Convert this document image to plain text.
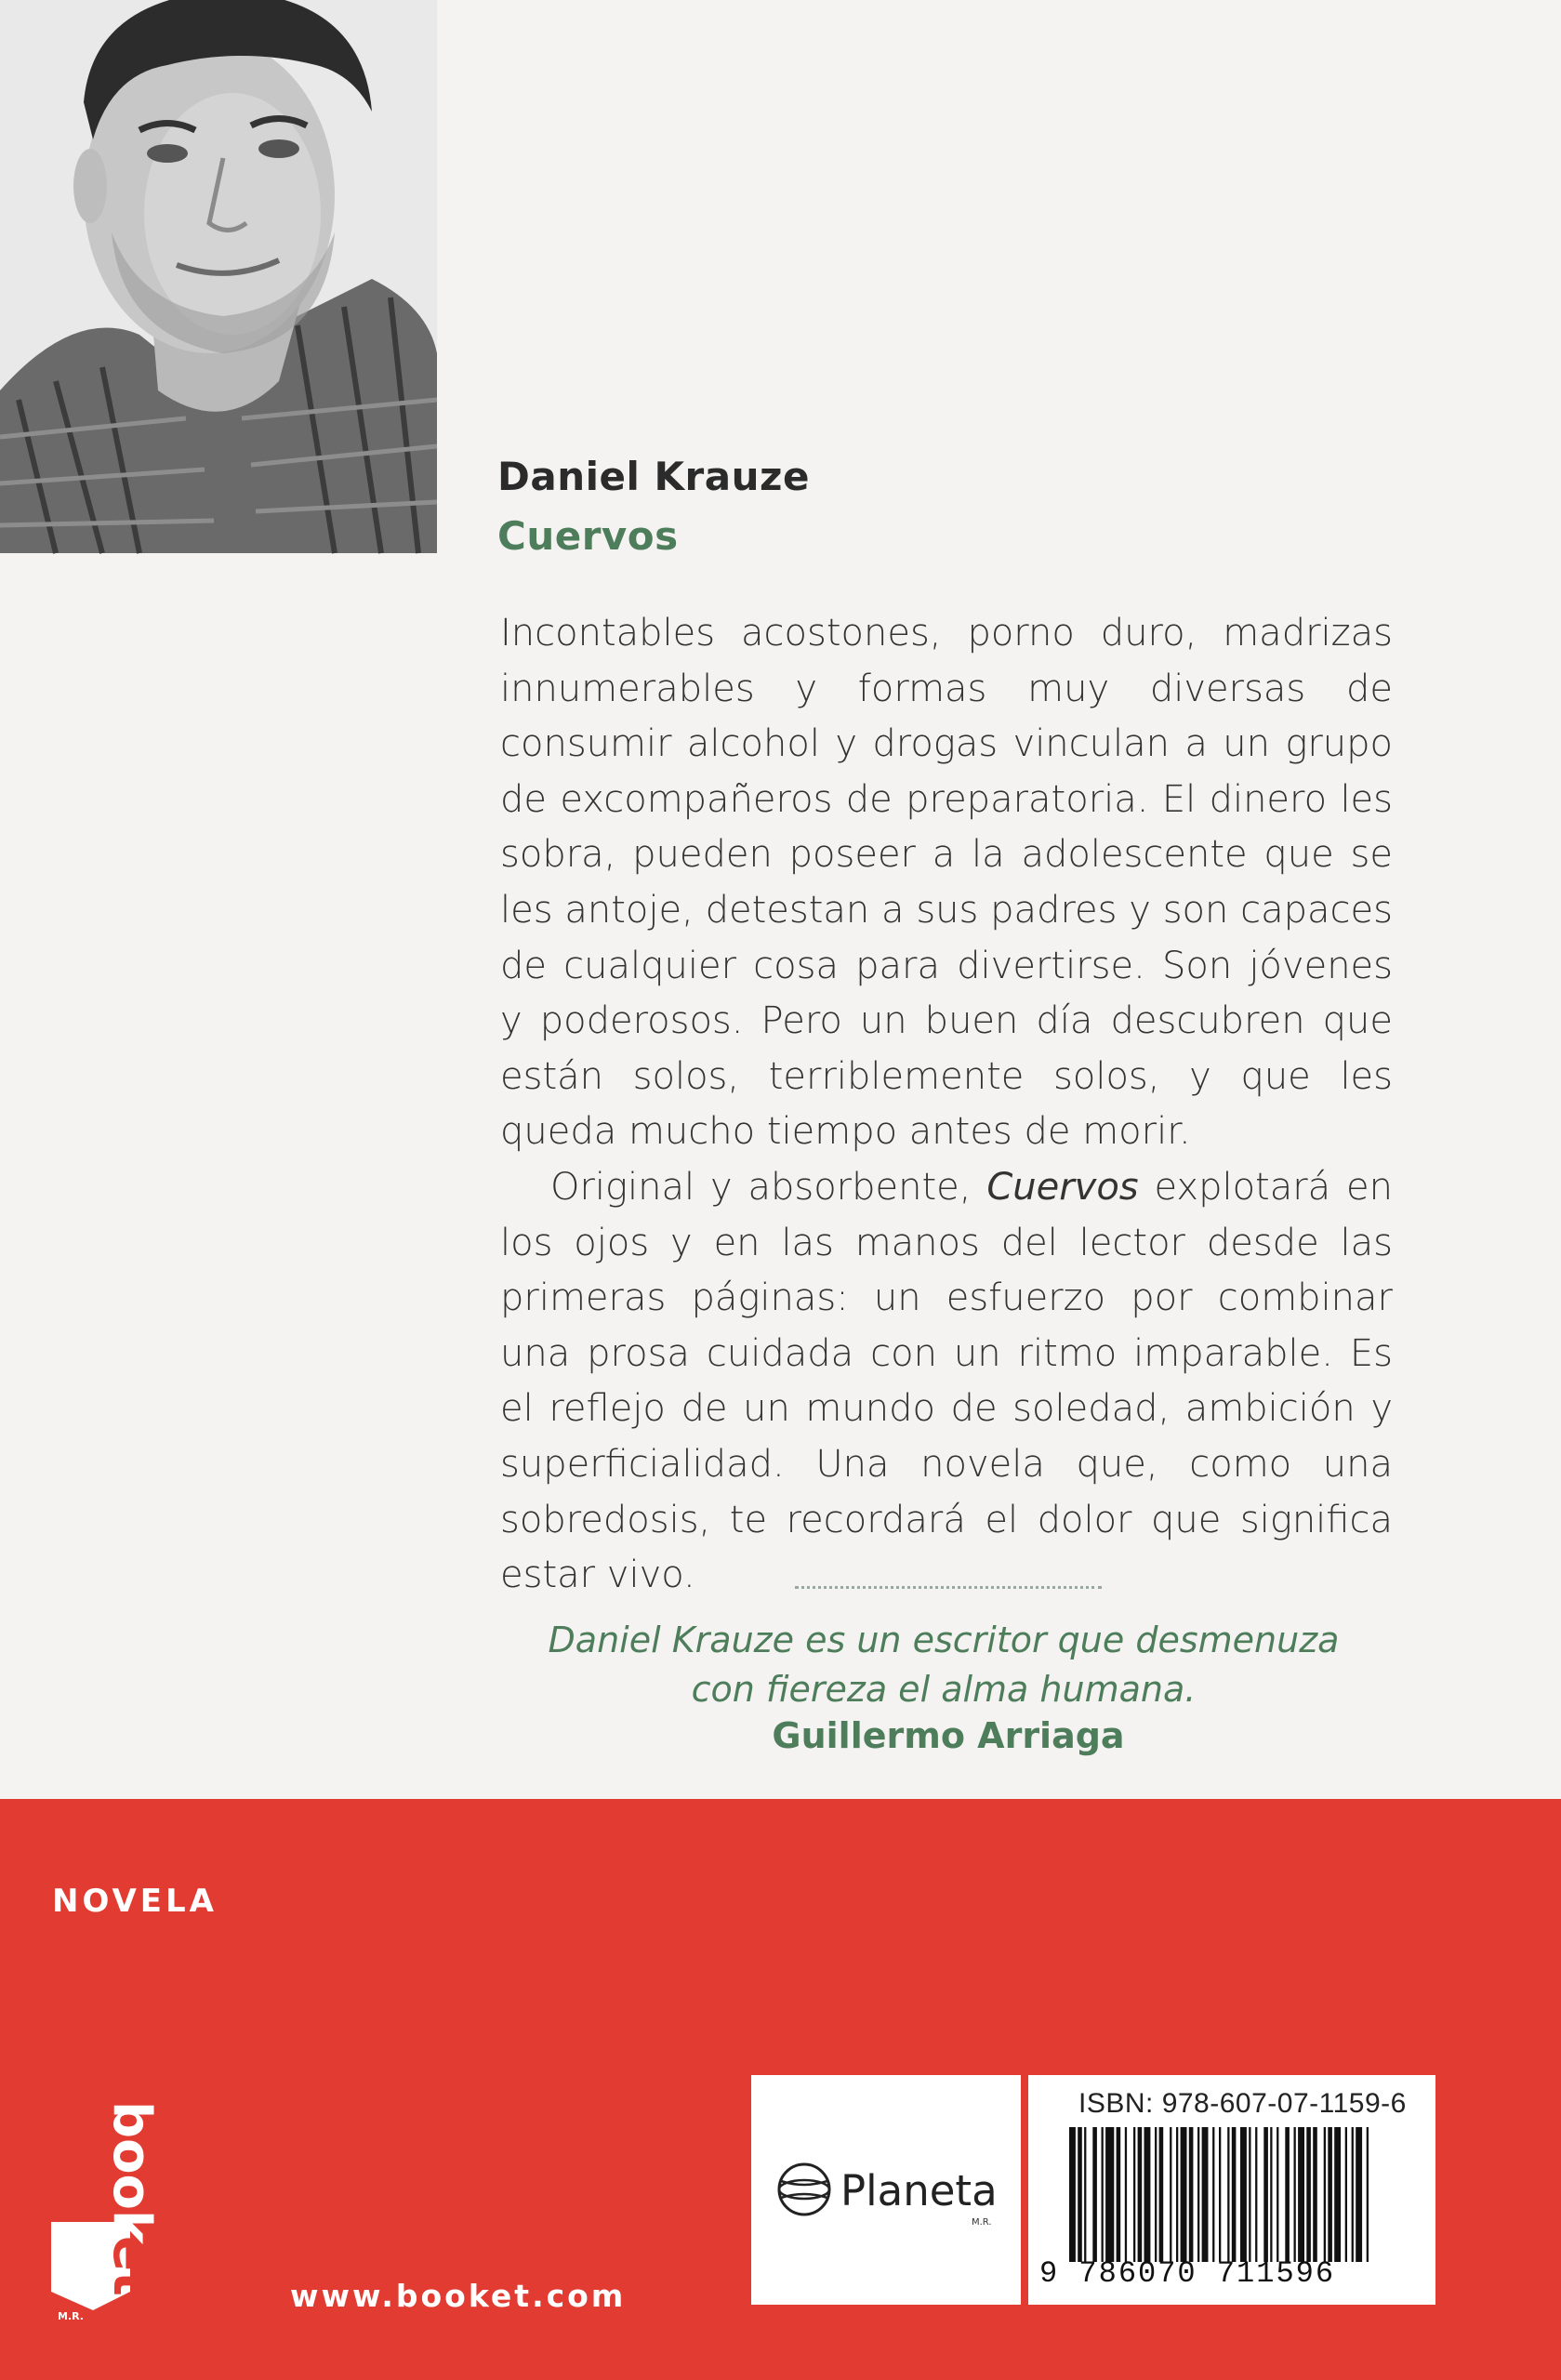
Daniel Krauze
Cuervos

Incontables acostones, porno duro, madrizas innumerables y formas muy diversas de consumir alcohol y drogas vinculan a un grupo de excompañeros de preparatoria. El dinero les sobra, pueden poseer a la adolescente que se les antoje, detestan a sus padres y son capaces de cualquier cosa para divertirse. Son jóvenes y poderosos. Pero un buen día descubren que están solos, terriblemente solos, y que les queda mucho tiempo antes de morir.

Original y absorbente, Cuervos explotará en los ojos y en las manos del lector desde las primeras páginas: un esfuerzo por combinar una prosa cuidada con un ritmo imparable. Es el reflejo de un mundo de soledad, ambición y superficialidad. Una novela que, como una sobredosis, te recordará el dolor que significa estar vivo.

Daniel Krauze es un escritor que desmenuza
con fiereza el alma humana.

Guillermo Arriaga

NOVELA

book
et

M.R.

www.booket.com

Planeta

M.R.

ISBN: 978-607-07-1159-6

9 786070 711596
